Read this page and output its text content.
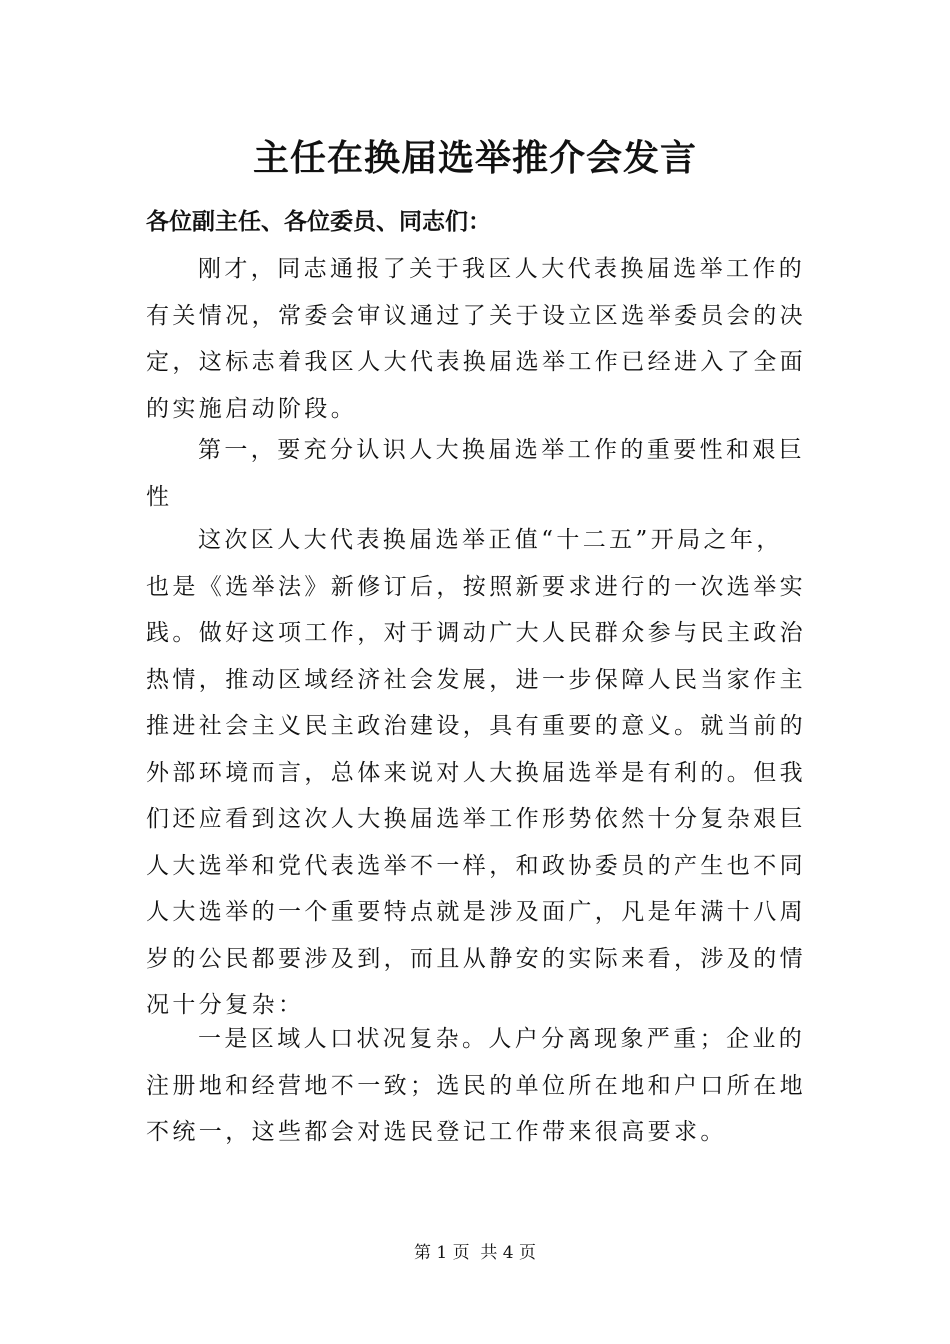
主任在换届选举推介会发言
各位副主任、各位委员、同志们：
刚才，同志通报了关于我区人大代表换届选举工作的
有关情况，常委会审议通过了关于设立区选举委员会的决
定，这标志着我区人大代表换届选举工作已经进入了全面
的实施启动阶段。
第一，要充分认识人大换届选举工作的重要性和艰巨
性
这次区人大代表换届选举正值“十二五”开局之年，
也是《选举法》新修订后，按照新要求进行的一次选举实
践。做好这项工作，对于调动广大人民群众参与民主政治
热情，推动区域经济社会发展，进一步保障人民当家作主
推进社会主义民主政治建设，具有重要的意义。就当前的
外部环境而言，总体来说对人大换届选举是有利的。但我
们还应看到这次人大换届选举工作形势依然十分复杂艰巨
人大选举和党代表选举不一样，和政协委员的产生也不同
人大选举的一个重要特点就是涉及面广，凡是年满十八周
岁的公民都要涉及到，而且从静安的实际来看，涉及的情
况十分复杂：
一是区域人口状况复杂。人户分离现象严重；企业的
注册地和经营地不一致；选民的单位所在地和户口所在地
不统一，这些都会对选民登记工作带来很高要求。
第 1 页  共 4 页
